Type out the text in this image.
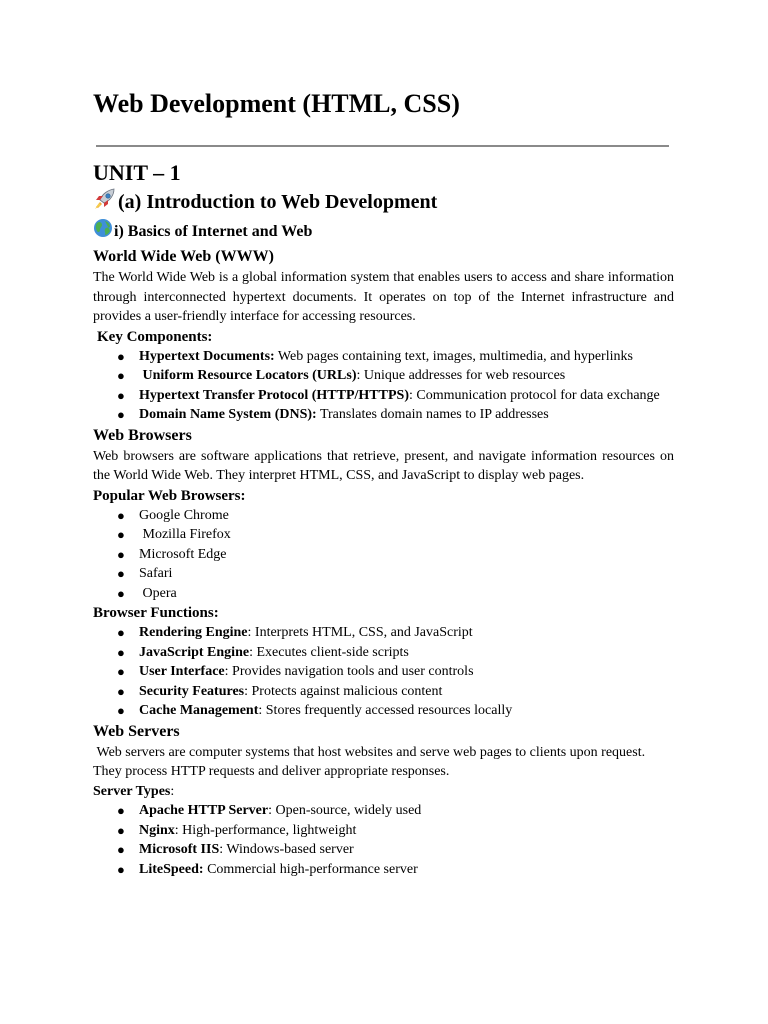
Web Development (HTML, CSS)
UNIT – 1
(a) Introduction to Web Development
i) Basics of Internet and Web
World Wide Web (WWW)

The World Wide Web is a global information system that enables users to access and share information through interconnected hypertext documents. It operates on top of the Internet infrastructure and provides a user-friendly interface for accessing resources.

Key Components:

● Hypertext Documents: Web pages containing text, images, multimedia, and hyperlinks
● Uniform Resource Locators (URLs): Unique addresses for web resources
● Hypertext Transfer Protocol (HTTP/HTTPS): Communication protocol for data exchange
● Domain Name System (DNS): Translates domain names to IP addresses
Web Browsers

Web browsers are software applications that retrieve, present, and navigate information resources on the World Wide Web. They interpret HTML, CSS, and JavaScript to display web pages.

Popular Web Browsers:

● Google Chrome
● Mozilla Firefox
● Microsoft Edge
● Safari
● Opera

Browser Functions:

● Rendering Engine: Interprets HTML, CSS, and JavaScript
● JavaScript Engine: Executes client-side scripts
● User Interface: Provides navigation tools and user controls
● Security Features: Protects against malicious content
● Cache Management: Stores frequently accessed resources locally
Web Servers

Web servers are computer systems that host websites and serve web pages to clients upon request. They process HTTP requests and deliver appropriate responses.

Server Types:

● Apache HTTP Server: Open-source, widely used
● Nginx: High-performance, lightweight
● Microsoft IIS: Windows-based server
● LiteSpeed: Commercial high-performance server
